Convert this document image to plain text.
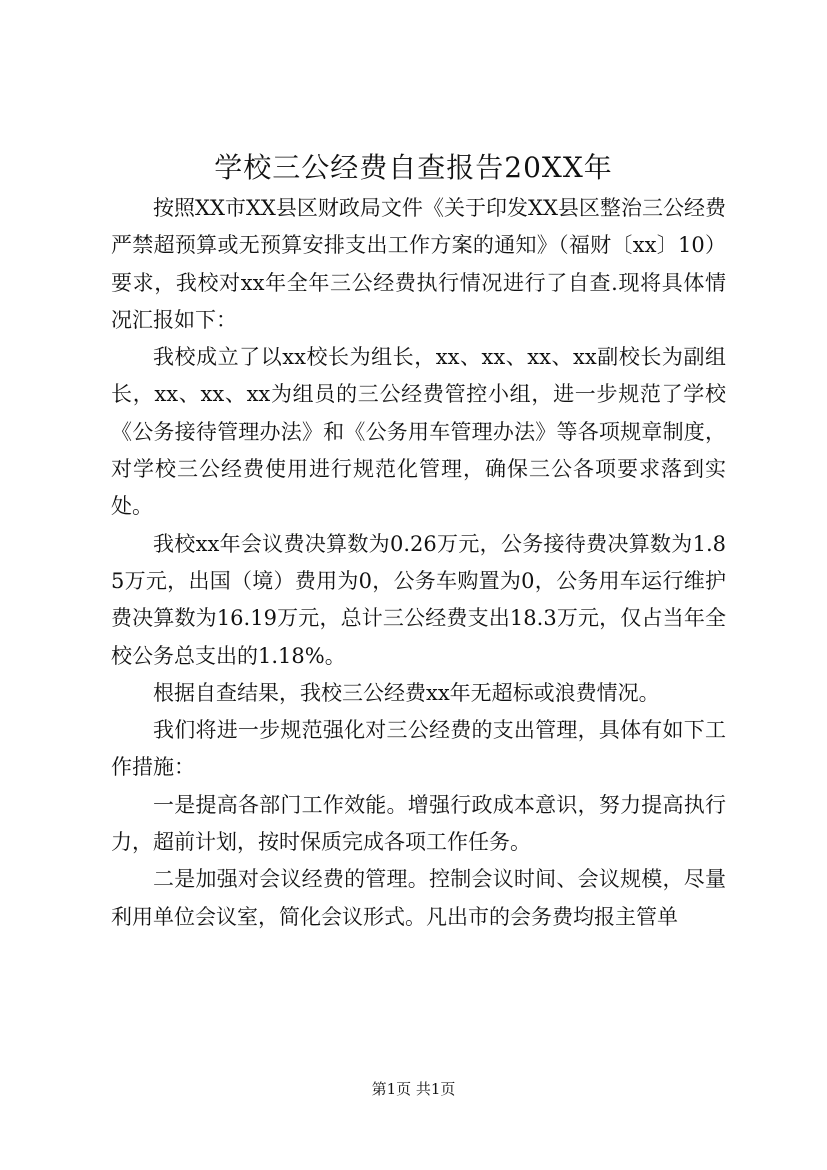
学校三公经费自查报告20XX年

按照XX市XX县区财政局文件《关于印发XX县区整治三公经费严禁超预算或无预算安排支出工作方案的通知》（福财〔xx〕10）要求，我校对xx年全年三公经费执行情况进行了自查.现将具体情况汇报如下：

我校成立了以xx校长为组长，xx、xx、xx、xx副校长为副组长，xx、xx、xx为组员的三公经费管控小组，进一步规范了学校《公务接待管理办法》和《公务用车管理办法》等各项规章制度，对学校三公经费使用进行规范化管理，确保三公各项要求落到实处。

我校xx年会议费决算数为0.26万元，公务接待费决算数为1.85万元，出国（境）费用为0，公务车购置为0，公务用车运行维护费决算数为16.19万元，总计三公经费支出18.3万元，仅占当年全校公务总支出的1.18%。

根据自查结果，我校三公经费xx年无超标或浪费情况。

我们将进一步规范强化对三公经费的支出管理，具体有如下工作措施：

一是提高各部门工作效能。增强行政成本意识，努力提高执行力，超前计划，按时保质完成各项工作任务。

二是加强对会议经费的管理。控制会议时间、会议规模，尽量利用单位会议室，简化会议形式。凡出市的会务费均报主管单

第1页 共1页
